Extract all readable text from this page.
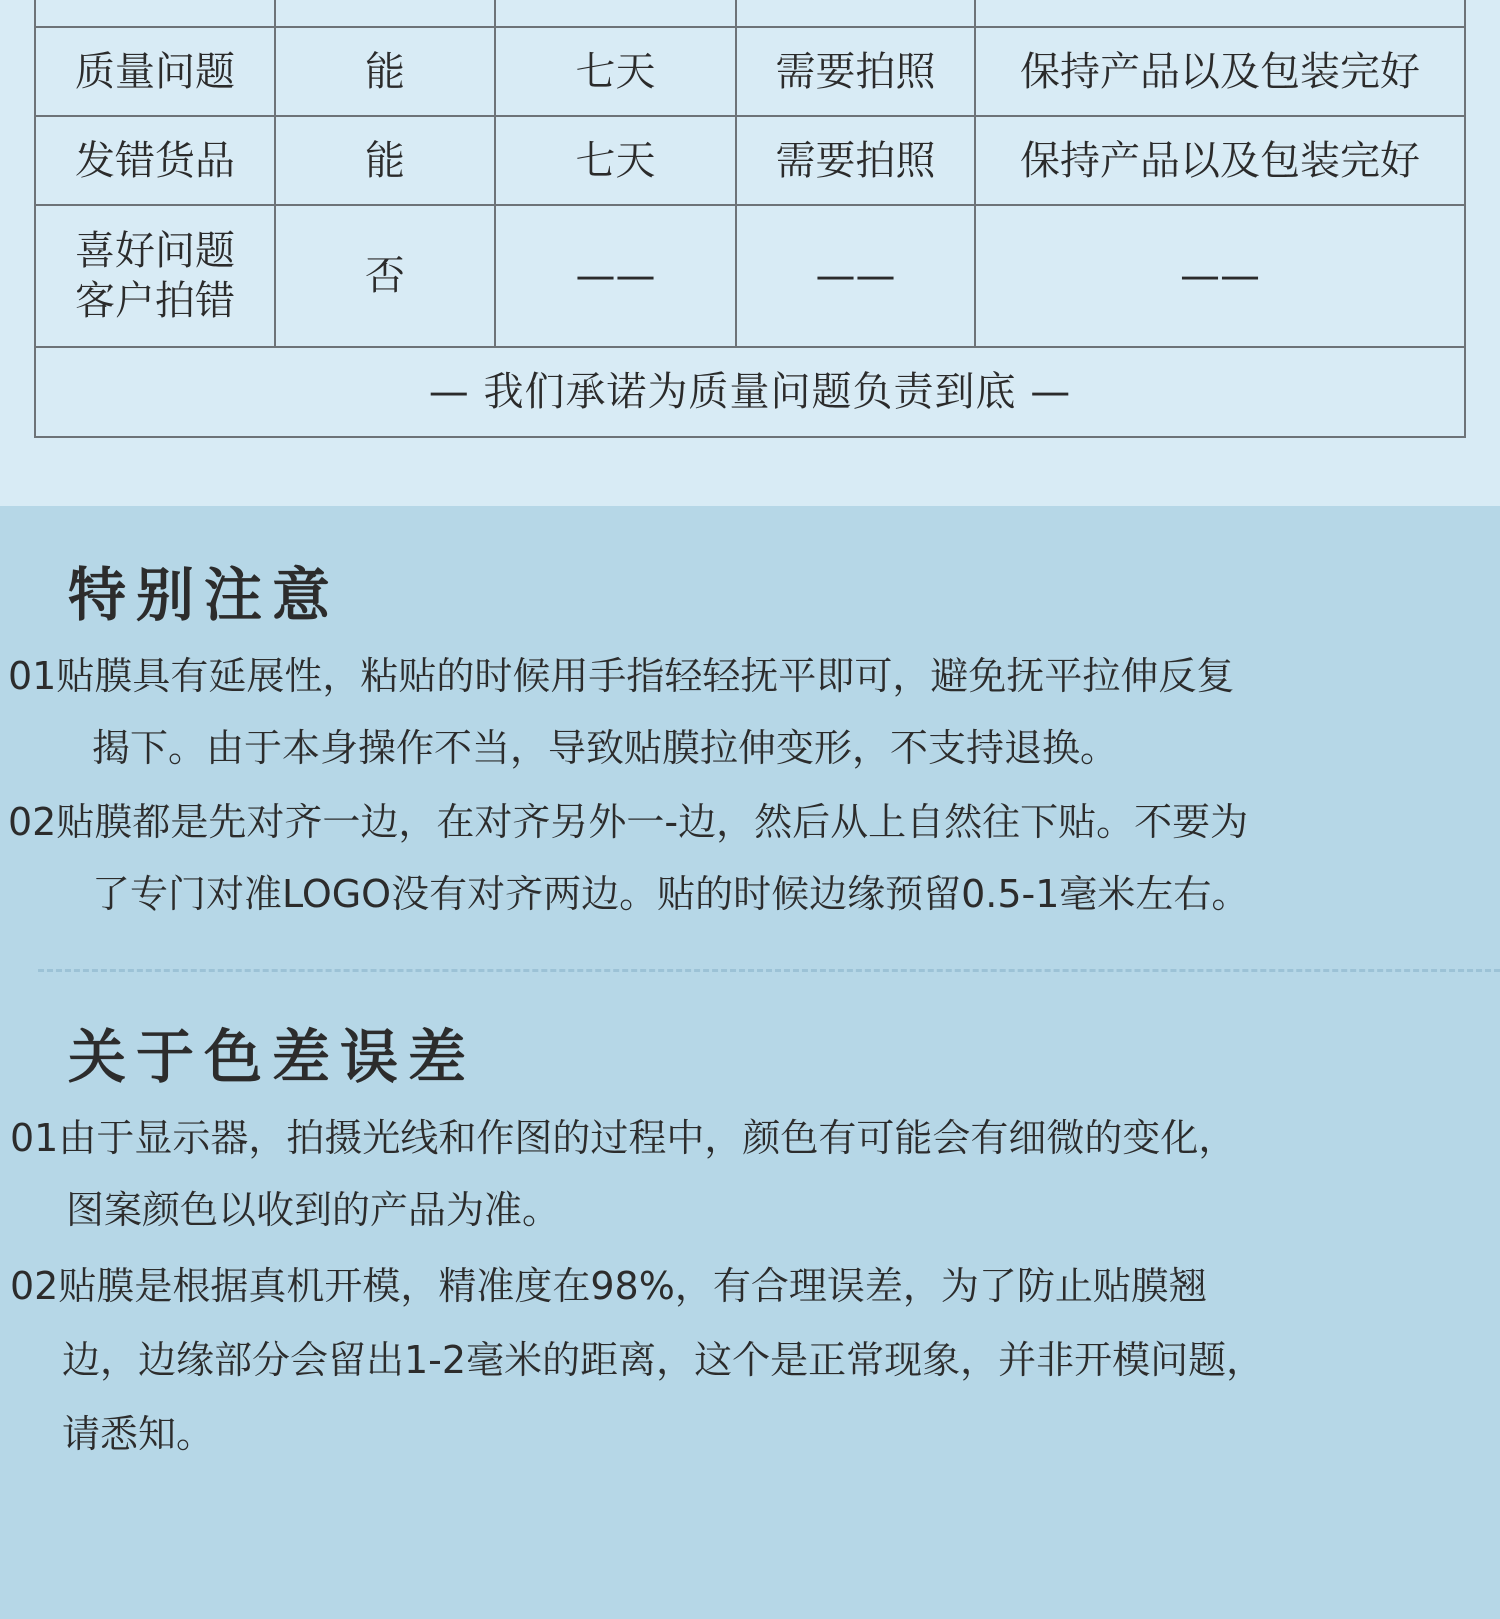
质量问题	能	七天	需要拍照	保持产品以及包装完好
发错货品	能	七天	需要拍照	保持产品以及包装完好

喜好问题
客户拍错	否	——	——	——
— 我们承诺为质量问题负责到底 —				
特别注意
01贴膜具有延展性，粘贴的时候用手指轻轻抚平即可，避免抚平拉伸反复
揭下。由于本身操作不当，导致贴膜拉伸变形，不支持退换。
02贴膜都是先对齐一边，在对齐另外一-边，然后从上自然往下贴。不要为
了专门对准LOGO没有对齐两边。贴的时候边缘预留0.5-1毫米左右。
关于色差误差
01由于显示器，拍摄光线和作图的过程中，颜色有可能会有细微的变化，
图案颜色以收到的产品为准。
02贴膜是根据真机开模，精准度在98%，有合理误差，为了防止贴膜翘
边，边缘部分会留出1-2毫米的距离，这个是正常现象，并非开模问题，
请悉知。
